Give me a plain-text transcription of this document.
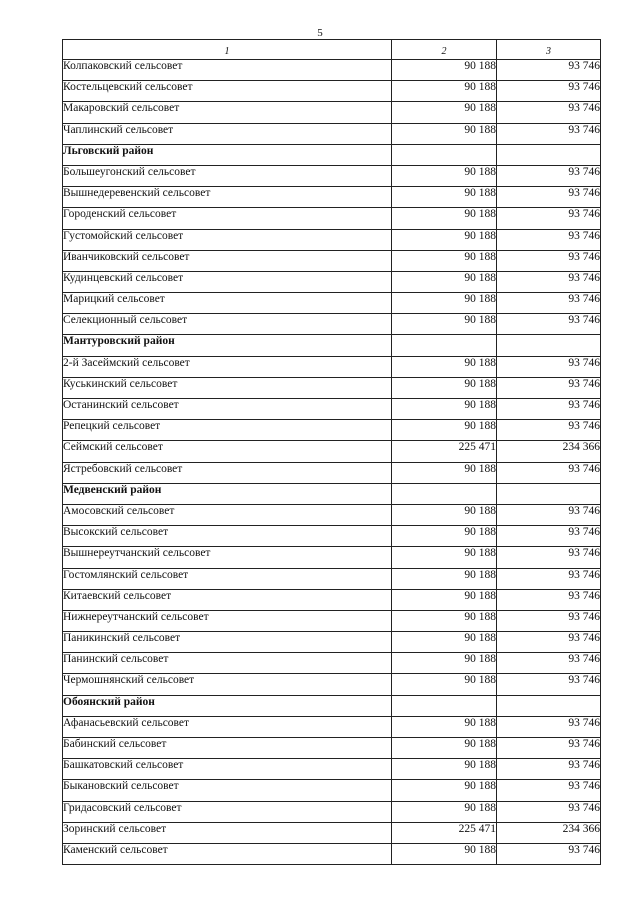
5
1	2	3
Колпаковский сельсовет	90 188	93 746
Костельцевский сельсовет	90 188	93 746
Макаровский сельсовет	90 188	93 746
Чаплинский сельсовет	90 188	93 746
Льговский район		
Большеугонский сельсовет	90 188	93 746
Вышнедеревенский сельсовет	90 188	93 746
Городенский сельсовет	90 188	93 746
Густомойский сельсовет	90 188	93 746
Иванчиковский сельсовет	90 188	93 746
Кудинцевский сельсовет	90 188	93 746
Марицкий сельсовет	90 188	93 746
Селекционный сельсовет	90 188	93 746
Мантуровский район		
2-й Засеймский сельсовет	90 188	93 746
Куськинский сельсовет	90 188	93 746
Останинский сельсовет	90 188	93 746
Репецкий сельсовет	90 188	93 746
Сеймский сельсовет	225 471	234 366
Ястребовский сельсовет	90 188	93 746
Медвенский район		
Амосовский сельсовет	90 188	93 746
Высокский сельсовет	90 188	93 746
Вышнереутчанский сельсовет	90 188	93 746
Гостомлянский сельсовет	90 188	93 746
Китаевский сельсовет	90 188	93 746
Нижнереутчанский сельсовет	90 188	93 746
Паникинский сельсовет	90 188	93 746
Панинский сельсовет	90 188	93 746
Чермошнянский сельсовет	90 188	93 746
Обоянский район		
Афанасьевский сельсовет	90 188	93 746
Бабинский сельсовет	90 188	93 746
Башкатовский сельсовет	90 188	93 746
Быкановский сельсовет	90 188	93 746
Гридасовский сельсовет	90 188	93 746
Зоринский сельсовет	225 471	234 366
Каменский сельсовет	90 188	93 746
